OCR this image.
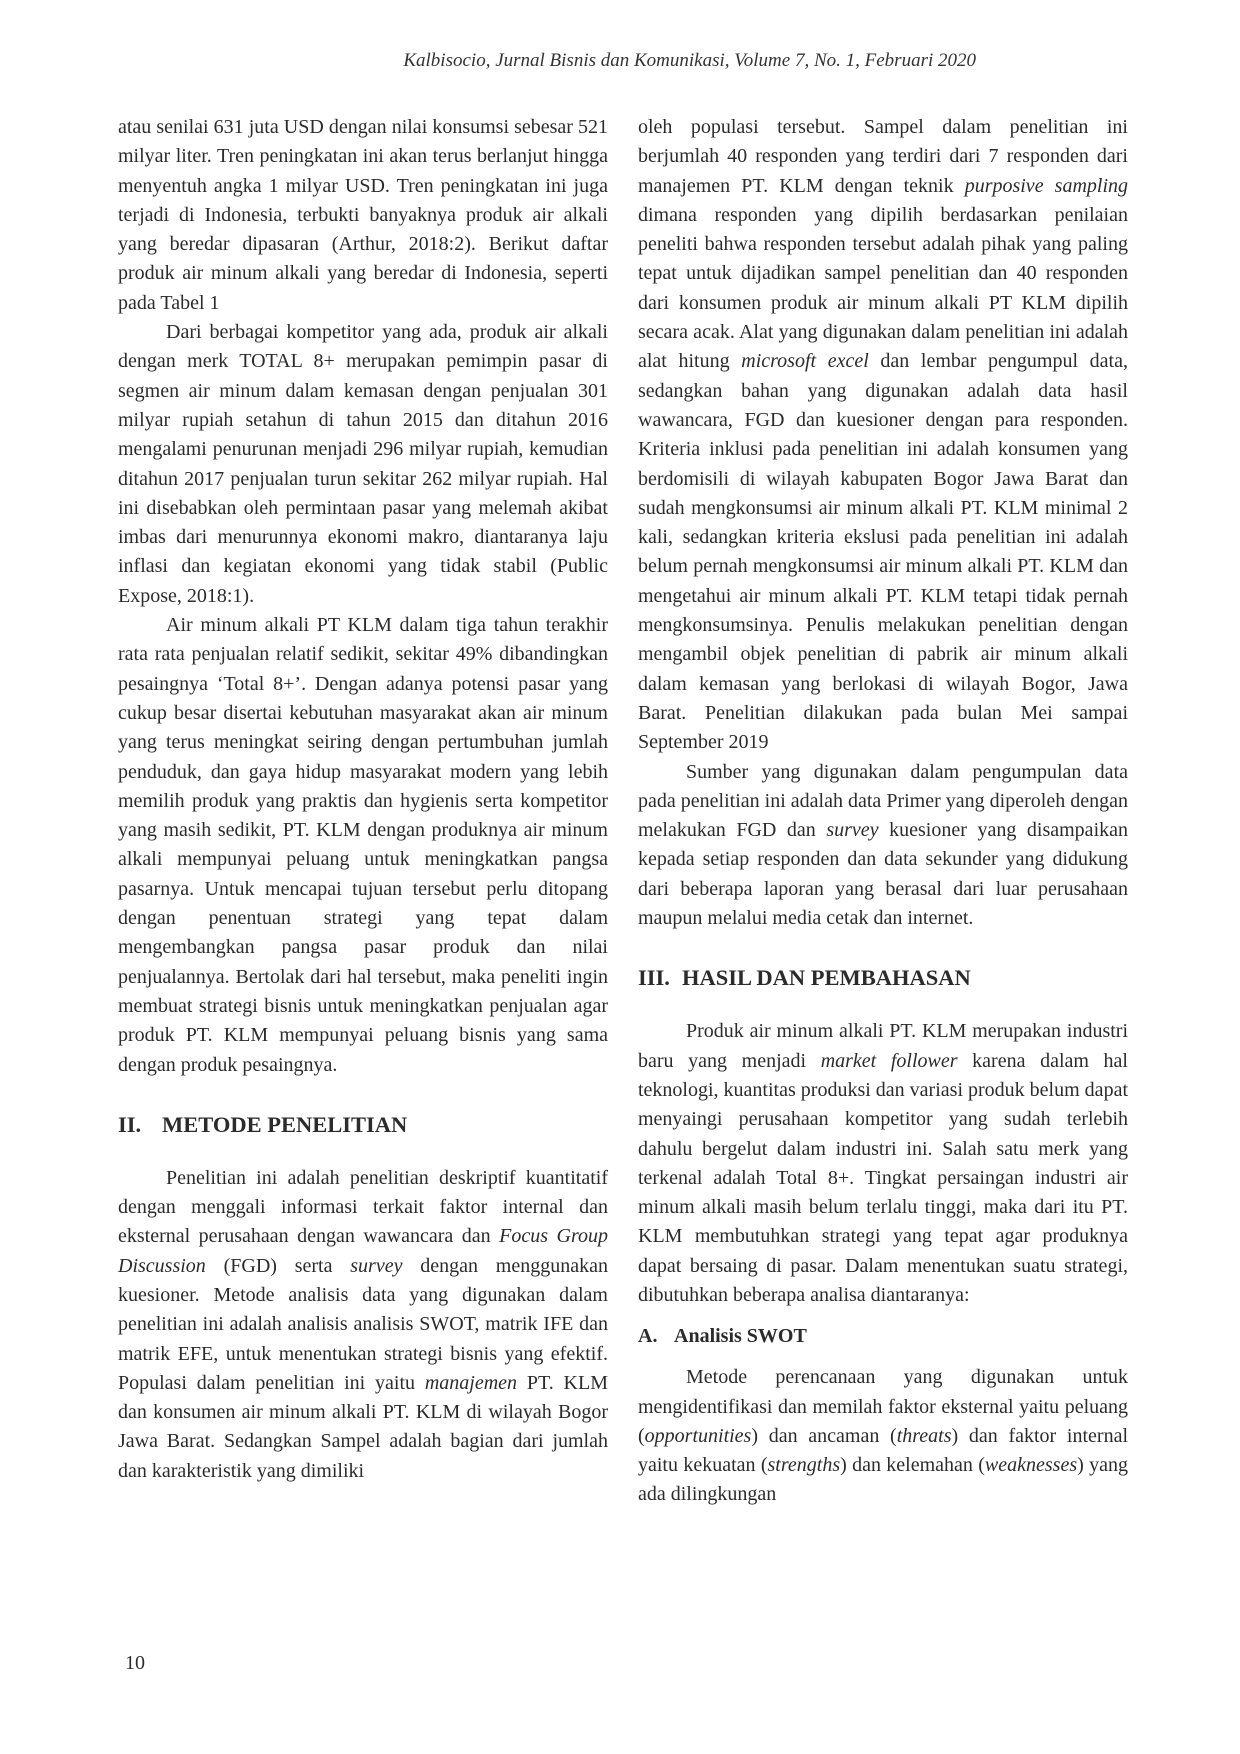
Kalbisocio, Jurnal Bisnis dan Komunikasi, Volume 7, No. 1, Februari 2020

atau senilai 631 juta USD dengan nilai konsumsi sebesar 521 milyar liter. Tren peningkatan ini akan terus berlanjut hingga menyentuh angka 1 milyar USD. Tren peningkatan ini juga terjadi di Indonesia, terbukti banyaknya produk air alkali yang beredar dipasaran (Arthur, 2018:2). Berikut daftar produk air minum alkali yang beredar di Indonesia, seperti pada Tabel 1

Dari berbagai kompetitor yang ada, produk air alkali dengan merk TOTAL 8+ merupakan pemimpin pasar di segmen air minum dalam kemasan dengan penjualan 301 milyar rupiah setahun di tahun 2015 dan ditahun 2016 mengalami penurunan menjadi 296 milyar rupiah, kemudian ditahun 2017 penjualan turun sekitar 262 milyar rupiah. Hal ini disebabkan oleh permintaan pasar yang melemah akibat imbas dari menurunnya ekonomi makro, diantaranya laju inflasi dan kegiatan ekonomi yang tidak stabil (Public Expose, 2018:1).

Air minum alkali PT KLM dalam tiga tahun terakhir rata rata penjualan relatif sedikit, sekitar 49% dibandingkan pesaingnya ‘Total 8+’. Dengan adanya potensi pasar yang cukup besar disertai kebutuhan masyarakat akan air minum yang terus meningkat seiring dengan pertumbuhan jumlah penduduk, dan gaya hidup masyarakat modern yang lebih memilih produk yang praktis dan hygienis serta kompetitor yang masih sedikit, PT. KLM dengan produknya air minum alkali mempunyai peluang untuk meningkatkan pangsa pasarnya. Untuk mencapai tujuan tersebut perlu ditopang dengan penentuan strategi yang tepat dalam mengembangkan pangsa pasar produk dan nilai penjualannya. Bertolak dari hal tersebut, maka peneliti ingin membuat strategi bisnis untuk meningkatkan penjualan agar produk PT. KLM mempunyai peluang bisnis yang sama dengan produk pesaingnya.

II. METODE PENELITIAN

Penelitian ini adalah penelitian deskriptif kuantitatif dengan menggali informasi terkait faktor internal dan eksternal perusahaan dengan wawancara dan Focus Group Discussion (FGD) serta survey dengan menggunakan kuesioner. Metode analisis data yang digunakan dalam penelitian ini adalah analisis analisis SWOT, matrik IFE dan matrik EFE, untuk menentukan strategi bisnis yang efektif. Populasi dalam penelitian ini yaitu manajemen PT. KLM dan konsumen air minum alkali PT. KLM di wilayah Bogor Jawa Barat. Sedangkan Sampel adalah bagian dari jumlah dan karakteristik yang dimiliki

oleh populasi tersebut. Sampel dalam penelitian ini berjumlah 40 responden yang terdiri dari 7 responden dari manajemen PT. KLM dengan teknik purposive sampling dimana responden yang dipilih berdasarkan penilaian peneliti bahwa responden tersebut adalah pihak yang paling tepat untuk dijadikan sampel penelitian dan 40 responden dari konsumen produk air minum alkali PT KLM dipilih secara acak. Alat yang digunakan dalam penelitian ini adalah alat hitung microsoft excel dan lembar pengumpul data, sedangkan bahan yang digunakan adalah data hasil wawancara, FGD dan kuesioner dengan para responden. Kriteria inklusi pada penelitian ini adalah konsumen yang berdomisili di wilayah kabupaten Bogor Jawa Barat dan sudah mengkonsumsi air minum alkali PT. KLM minimal 2 kali, sedangkan kriteria ekslusi pada penelitian ini adalah belum pernah mengkonsumsi air minum alkali PT. KLM dan mengetahui air minum alkali PT. KLM tetapi tidak pernah mengkonsumsinya. Penulis melakukan penelitian dengan mengambil objek penelitian di pabrik air minum alkali dalam kemasan yang berlokasi di wilayah Bogor, Jawa Barat. Penelitian dilakukan pada bulan Mei sampai September 2019

Sumber yang digunakan dalam pengumpulan data pada penelitian ini adalah data Primer yang diperoleh dengan melakukan FGD dan survey kuesioner yang disampaikan kepada setiap responden dan data sekunder yang didukung dari beberapa laporan yang berasal dari luar perusahaan maupun melalui media cetak dan internet.

III. HASIL DAN PEMBAHASAN

Produk air minum alkali PT. KLM merupakan industri baru yang menjadi market follower karena dalam hal teknologi, kuantitas produksi dan variasi produk belum dapat menyaingi perusahaan kompetitor yang sudah terlebih dahulu bergelut dalam industri ini. Salah satu merk yang terkenal adalah Total 8+. Tingkat persaingan industri air minum alkali masih belum terlalu tinggi, maka dari itu PT. KLM membutuhkan strategi yang tepat agar produknya dapat bersaing di pasar. Dalam menentukan suatu strategi, dibutuhkan beberapa analisa diantaranya:

A. Analisis SWOT

Metode perencanaan yang digunakan untuk mengidentifikasi dan memilah faktor eksternal yaitu peluang (opportunities) dan ancaman (threats) dan faktor internal yaitu kekuatan (strengths) dan kelemahan (weaknesses) yang ada dilingkungan

10
